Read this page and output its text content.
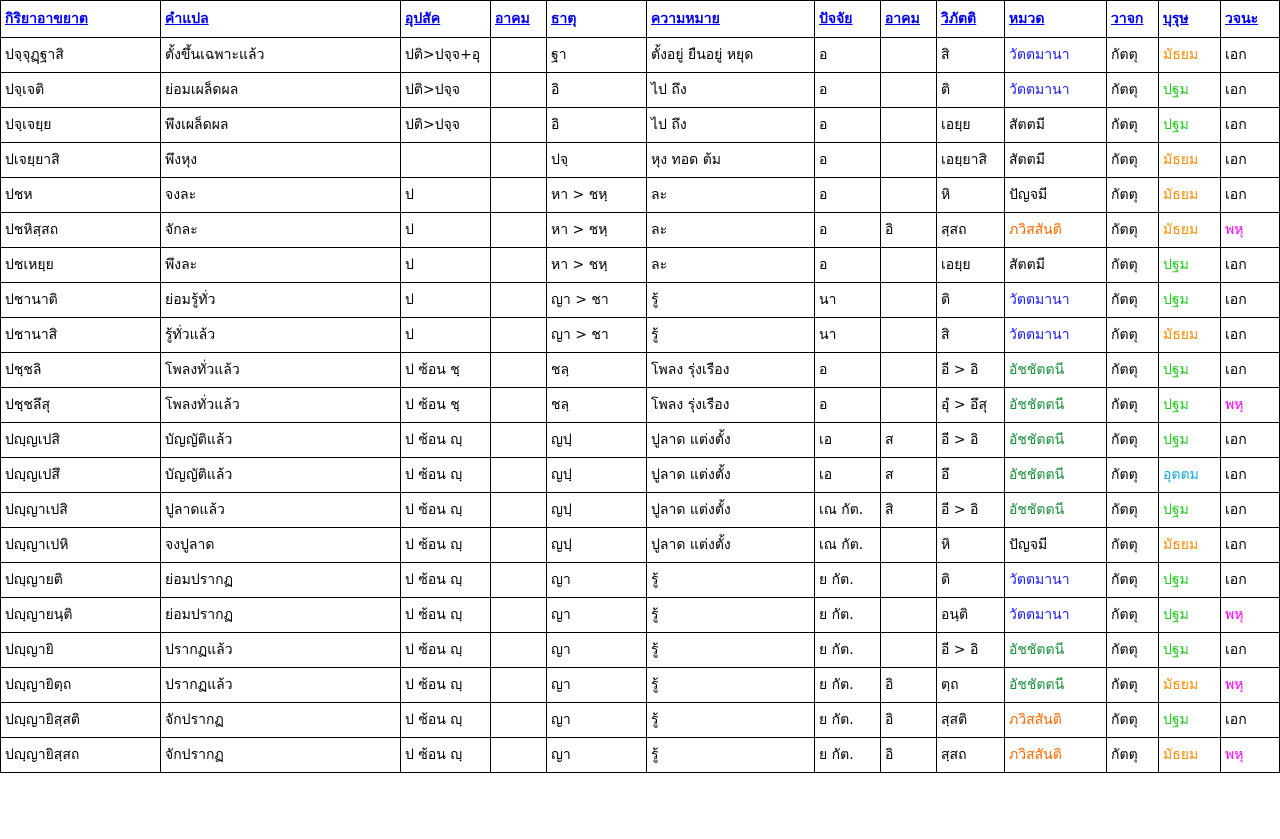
กิริยาอาขยาต	คำแปล	อุปสัค	อาคม	ธาตุ	ความหมาย	ปัจจัย	อาคม	วิภัตติ	หมวด	วาจก	บุรุษ	วจนะ
ปจฺจุฏฺฐาสิ	ตั้งขึ้นเฉพาะแล้ว	ปติ>ปจฺจ+อุ		ฐา	ตั้งอยู่ ยืนอยู่ หยุด	อ		สิ	วัตตมานา	กัตตุ	มัธยม	เอก
ปจฺเจติ	ย่อมเผล็ดผล	ปติ>ปจฺจ		อิ	ไป ถึง	อ		ติ	วัตตมานา	กัตตุ	ปฐม	เอก
ปจฺเจยฺย	พึงเผล็ดผล	ปติ>ปจฺจ		อิ	ไป ถึง	อ		เอยฺย	สัตตมี	กัตตุ	ปฐม	เอก
ปเจยฺยาสิ	พึงหุง			ปจฺ	หุง ทอด ต้ม	อ		เอยฺยาสิ	สัตตมี	กัตตุ	มัธยม	เอก
ปชห	จงละ	ป		หา > ชหฺ	ละ	อ		หิ	ปัญจมี	กัตตุ	มัธยม	เอก
ปชหิสฺสถ	จักละ	ป		หา > ชหฺ	ละ	อ	อิ	สฺสถ	ภวิสสันติ	กัตตุ	มัธยม	พหุ
ปชเหยฺย	พึงละ	ป		หา > ชหฺ	ละ	อ		เอยฺย	สัตตมี	กัตตุ	ปฐม	เอก
ปชานาติ	ย่อมรู้ทั่ว	ป		ญา > ชา	รู้	นา		ติ	วัตตมานา	กัตตุ	ปฐม	เอก
ปชานาสิ	รู้ทั่วแล้ว	ป		ญา > ชา	รู้	นา		สิ	วัตตมานา	กัตตุ	มัธยม	เอก
ปชฺชลิ	โพลงทั่วแล้ว	ป ซ้อน ชฺ		ชลฺ	โพลง รุ่งเรือง	อ		อี > อิ	อัชชัตตนี	กัตตุ	ปฐม	เอก
ปชฺชลึสุ	โพลงทั่วแล้ว	ป ซ้อน ชฺ		ชลฺ	โพลง รุ่งเรือง	อ		อุํ > อึสุ	อัชชัตตนี	กัตตุ	ปฐม	พหุ
ปญฺญเปสิ	บัญญัติแล้ว	ป ซ้อน ญฺ		ญปฺ	ปูลาด แต่งตั้ง	เอ	ส	อี > อิ	อัชชัตตนี	กัตตุ	ปฐม	เอก
ปญฺญเปสึ	บัญญัติแล้ว	ป ซ้อน ญฺ		ญปฺ	ปูลาด แต่งตั้ง	เอ	ส	อึ	อัชชัตตนี	กัตตุ	อุตตม	เอก
ปญฺญาเปสิ	ปูลาดแล้ว	ป ซ้อน ญฺ		ญปฺ	ปูลาด แต่งตั้ง	เณ กัต.	สิ	อี > อิ	อัชชัตตนี	กัตตุ	ปฐม	เอก
ปญฺญาเปหิ	จงปูลาด	ป ซ้อน ญฺ		ญปฺ	ปูลาด แต่งตั้ง	เณ กัต.		หิ	ปัญจมี	กัตตุ	มัธยม	เอก
ปญฺญายติ	ย่อมปรากฏ	ป ซ้อน ญฺ		ญา	รู้	ย กัต.		ติ	วัตตมานา	กัตตุ	ปฐม	เอก
ปญฺญายนฺติ	ย่อมปรากฏ	ป ซ้อน ญฺ		ญา	รู้	ย กัต.		อนฺติ	วัตตมานา	กัตตุ	ปฐม	พหุ
ปญฺญายิ	ปรากฏแล้ว	ป ซ้อน ญฺ		ญา	รู้	ย กัต.		อี > อิ	อัชชัตตนี	กัตตุ	ปฐม	เอก
ปญฺญายิตฺถ	ปรากฏแล้ว	ป ซ้อน ญฺ		ญา	รู้	ย กัต.	อิ	ตฺถ	อัชชัตตนี	กัตตุ	มัธยม	พหุ
ปญฺญายิสฺสติ	จักปรากฏ	ป ซ้อน ญฺ		ญา	รู้	ย กัต.	อิ	สฺสติ	ภวิสสันติ	กัตตุ	ปฐม	เอก
ปญฺญายิสฺสถ	จักปรากฏ	ป ซ้อน ญฺ		ญา	รู้	ย กัต.	อิ	สฺสถ	ภวิสสันติ	กัตตุ	มัธยม	พหุ
